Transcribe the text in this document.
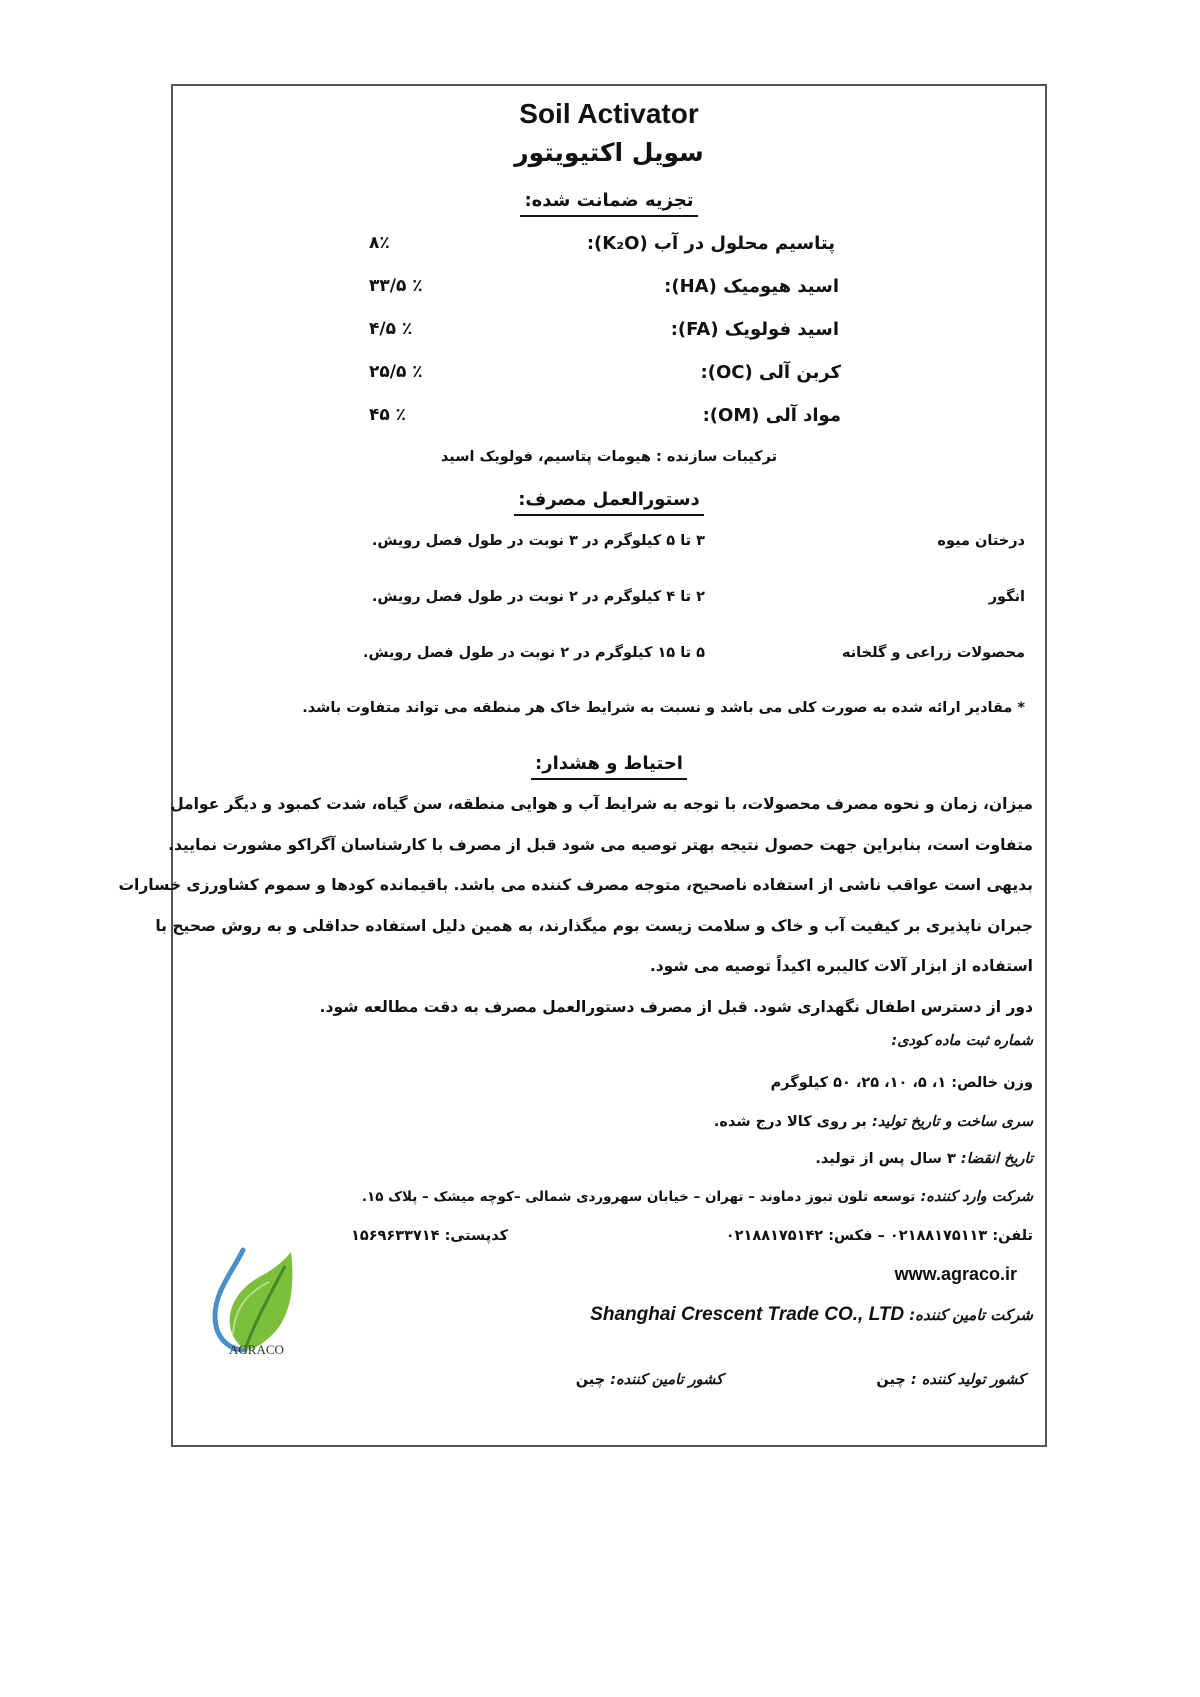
Soil Activator
سویل اکتیویتور
تجزیه ضمانت شده:
پتاسیم محلول در آب (K₂O):
۸٪
اسید هیومیک (HA):
۳۳/۵ ٪
اسید فولویک (FA):
۴/۵ ٪
کربن آلی (OC):
۲۵/۵ ٪
مواد آلی (OM):
۴۵ ٪
ترکیبات سازنده : هیومات پتاسیم، فولویک اسید
دستورالعمل مصرف:
درختان میوه
۳ تا ۵ کیلوگرم در ۳ نوبت در طول فصل رویش.
انگور
۲ تا ۴ کیلوگرم در ۲ نوبت در طول فصل رویش.
محصولات زراعی و گلخانه
۵ تا ۱۵ کیلوگرم در ۲ نوبت در طول فصل رویش.
* مقادیر ارائه شده به صورت کلی می باشد و نسبت به شرایط خاک هر منطقه می تواند متفاوت باشد.
احتیاط و هشدار:
میزان، زمان و نحوه مصرف محصولات، با توجه به شرایط آب و هوایی منطقه، سن گیاه، شدت کمبود و دیگر عوامل
متفاوت است، بنابراین جهت حصول نتیجه بهتر توصیه می شود قبل از مصرف با کارشناسان آگراکو مشورت نمایید.
بدیهی است عواقب ناشی از استفاده ناصحیح، متوجه مصرف کننده می باشد. باقیمانده کودها و سموم کشاورزی خسارات
جبران ناپذیری بر کیفیت آب و خاک و سلامت زیست بوم میگذارند، به همین دلیل استفاده حداقلی و به روش صحیح با
استفاده از ابزار آلات کالیبره اکیداً توصیه می شود.
دور از دسترس اطفال نگهداری شود. قبل از مصرف دستورالعمل مصرف به دقت مطالعه شود.
شماره ثبت ماده کودی:
وزن خالص: ۱، ۵، ۱۰، ۲۵، ۵۰ کیلوگرم
سری ساخت و تاریخ تولید: بر روی کالا درج شده.
تاریخ انقضا: ۳ سال پس از تولید.
شرکت وارد کننده: توسعه تلون تبوز دماوند – تهران – خیابان سهروردی شمالی –کوچه میشک – پلاک ۱۵.
تلفن: ۰۲۱۸۸۱۷۵۱۱۳ – فکس: ۰۲۱۸۸۱۷۵۱۴۲
کدپستی: ۱۵۶۹۶۳۳۷۱۴
www.agraco.ir
شرکت تامین کننده: Shanghai Crescent Trade CO., LTD
کشور تولید کننده : چین
کشور تامین کننده: چین
AGRACO
